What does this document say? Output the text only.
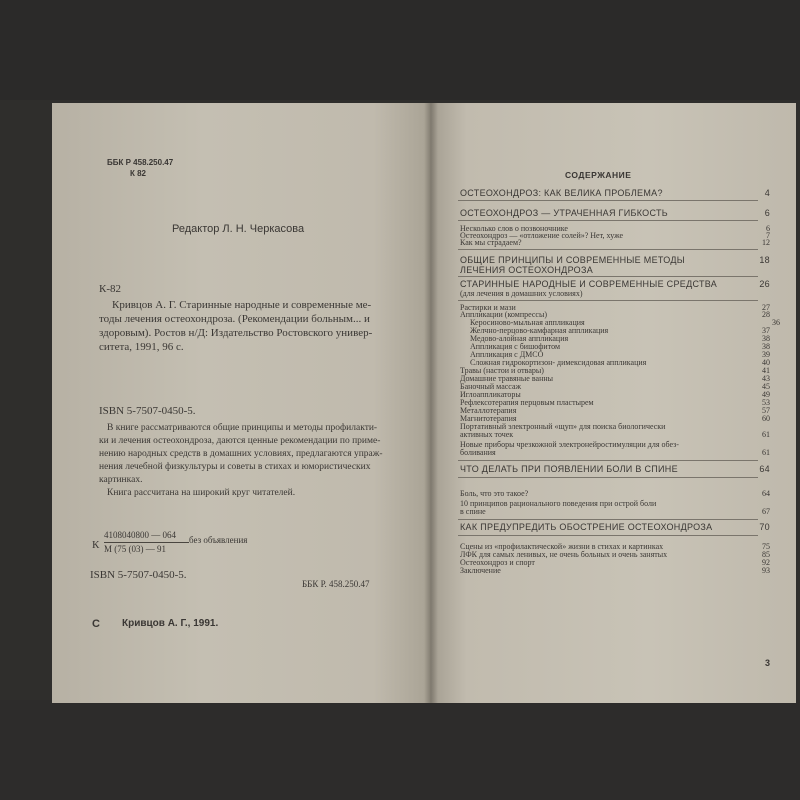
ББК Р 458.250.47
К 82
Редактор Л. Н. Черкасова
К-82
Кривцов А. Г. Старинные народные и современные ме-
тоды лечения остеохондроза. (Рекомендации больным... и
здоровым). Ростов н/Д: Издательство Ростовского универ-
ситета, 1991, 96 с.
ISBN 5-7507-0450-5.
В книге рассматриваются общие принципы и методы профилакти-
ки и лечения остеохондроза, даются ценные рекомендации по приме-
нению народных средств в домашних условиях, предлагаются упраж-
нения лечебной физкультуры и советы в стихах и юмористических
картинках.
Книга рассчитана на широкий круг читателей.
К
4108040800 — 064
М (75 (03) — 91
без объявления
ISBN 5-7507-0450-5.
ББК Р. 458.250.47
С Кривцов А. Г., 1991.
СОДЕРЖАНИЕ
ОСТЕОХОНДРОЗ: КАК ВЕЛИКА ПРОБЛЕМА?	4
ОСТЕОХОНДРОЗ — УТРАЧЕННАЯ ГИБКОСТЬ	6
Несколько слов о позвоночнике	6
Остеохондроз — «отложение солей»? Нет, хуже	7
Как мы страдаем?	12
ОБЩИЕ ПРИНЦИПЫ И СОВРЕМЕННЫЕ МЕТОДЫ	18
ЛЕЧЕНИЯ ОСТЕОХОНДРОЗА
СТАРИННЫЕ НАРОДНЫЕ И СОВРЕМЕННЫЕ СРЕДСТВА	26
(для лечения в домашних условиях)
Растирки и мази	27
Аппликации (компрессы)	28
Керосиново-мыльная аппликация	36
Желчно-перцово-камфарная аппликация	37
Медово-алойная аппликация	38
Аппликация с бишофитом	38
Аппликация с ДМСО	39
Сложная гидрокортизон- димексидовая аппликация	40
Травы (настои и отвары)	41
Домашние травяные ванны	43
Баночный массаж	45
Иглоаппликаторы	49
Рефлексотерапия перцовым пластырем	53
Металлотерапия	57
Магнитотерапия	60
Портативный электронный «щуп» для поиска биологически
активных точек	61
Новые приборы чрезкожной электронейростимуляции для обез-
боливания	61
ЧТО ДЕЛАТЬ ПРИ ПОЯВЛЕНИИ БОЛИ В СПИНЕ	64
Боль, что это такое?	64
10 принципов рационального поведения при острой боли
в спине	67
КАК ПРЕДУПРЕДИТЬ ОБОСТРЕНИЕ ОСТЕОХОНДРОЗА	70
Сцены из «профилактической» жизни в стихах и картинках	75
ЛФК для самых ленивых, не очень больных и очень занятых	85
Остеохондроз и спорт	92
Заключение	93
3
